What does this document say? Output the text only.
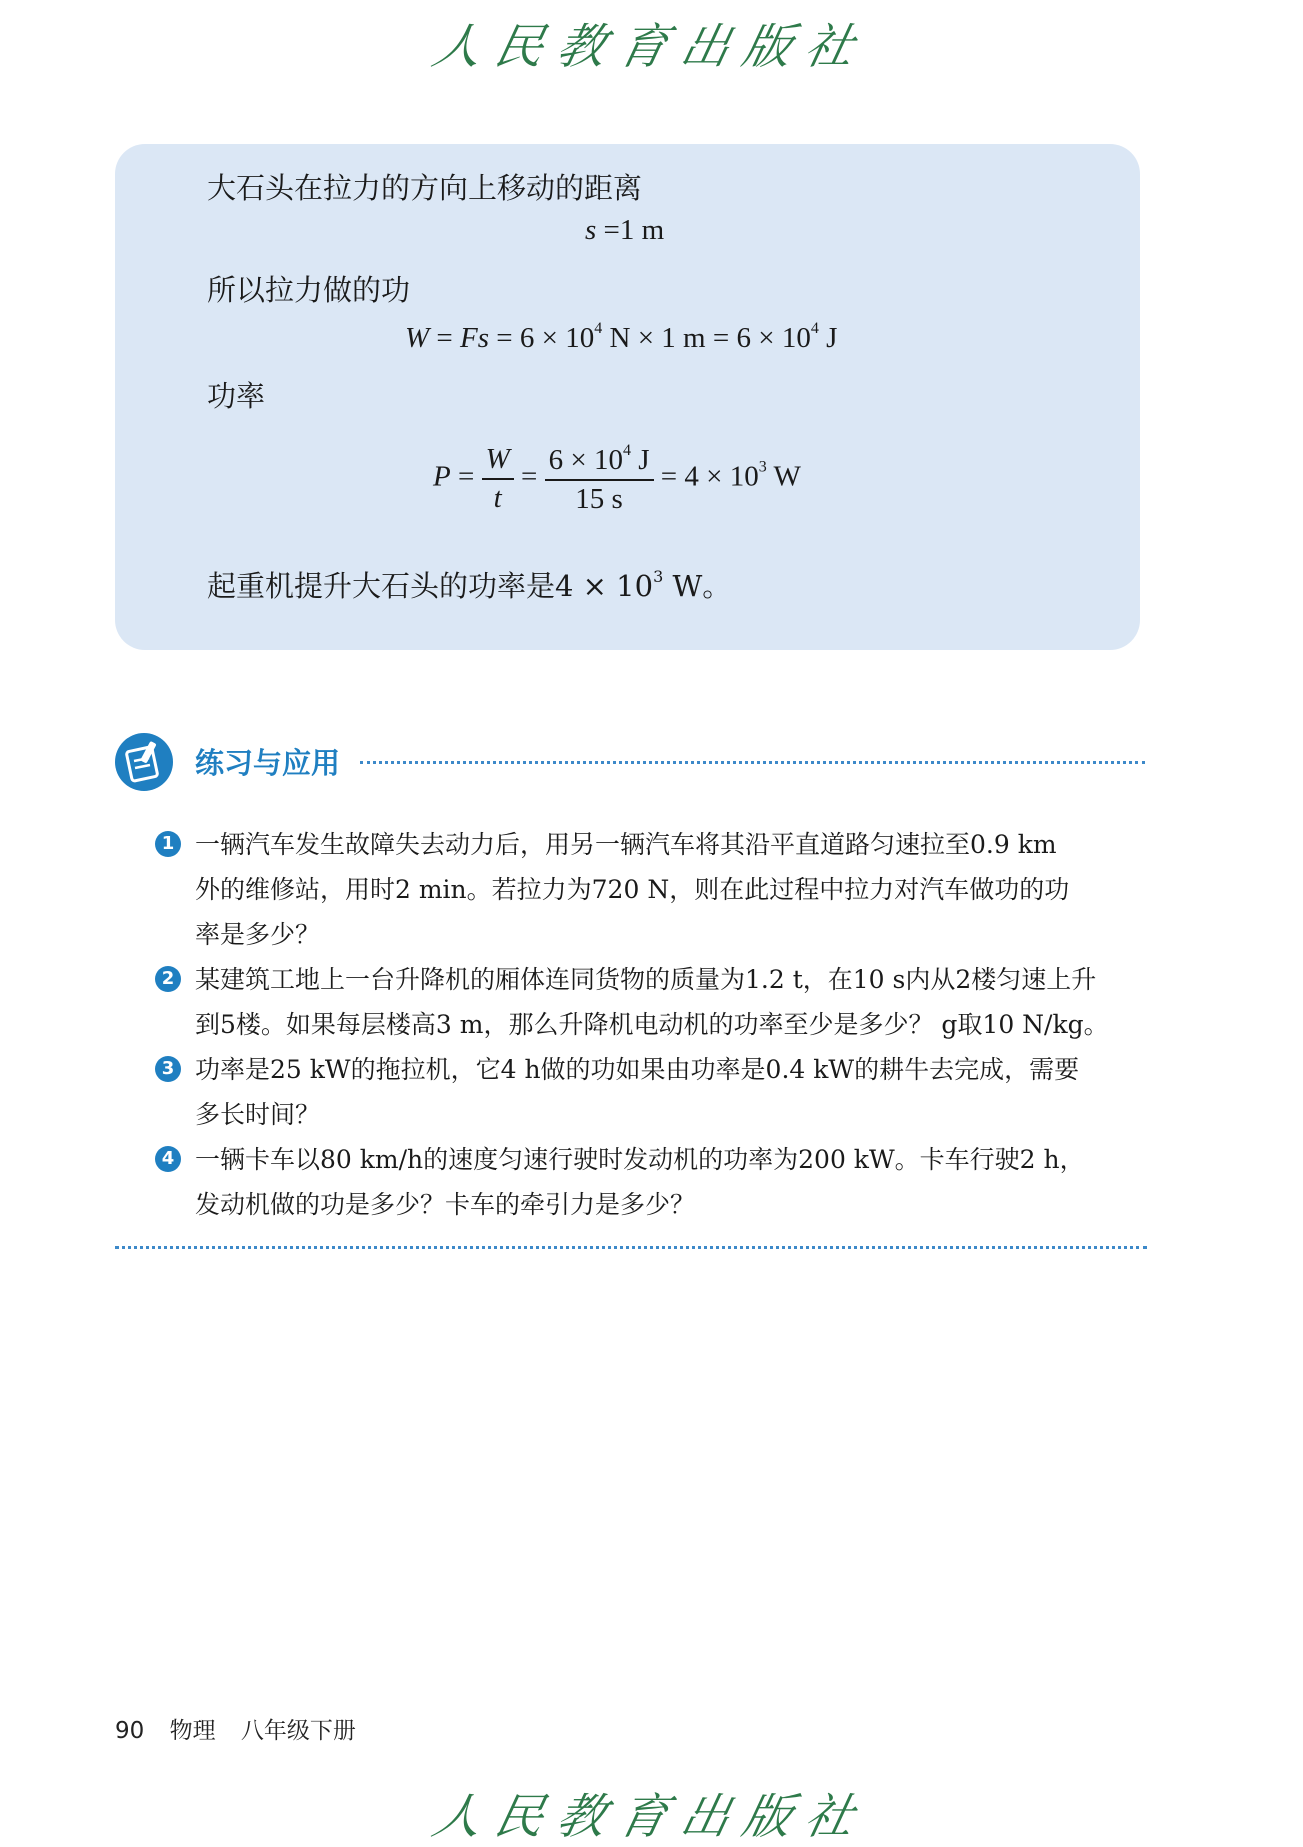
人民教育出版社
大石头在拉力的方向上移动的距离
s =1 m
所以拉力做的功
$W = Fs = 6 \times 10^4$ N × 1 $m = 6 \times 10^4$ J
功率
$P = \frac{W}{t} = \frac{6 \times 10^4 J}{15 s} = 4 \times 10^3$ W
起重机提升大石头的功率是$4 \times 10^3$ W。
练习与应用
1 一辆汽车发生故障失去动力后，用另一辆汽车将其沿平直道路匀速拉至0.9 km
外的维修站，用时2 min。若拉力为720 N，则在此过程中拉力对汽车做功的功
率是多少？
2 某建筑工地上一台升降机的厢体连同货物的质量为1.2 t，在10 s内从2楼匀速上升
到5楼。如果每层楼高3 m，那么升降机电动机的功率至少是多少？ g取10 N/kg。
3 功率是25 kW的拖拉机，它4 h做的功如果由功率是0.4 kW的耕牛去完成，需要
多长时间？
4 一辆卡车以80 km/h的速度匀速行驶时发动机的功率为200 kW。卡车行驶2 h，
发动机做的功是多少？卡车的牵引力是多少？
90 物理 八年级下册
人民教育出版社
